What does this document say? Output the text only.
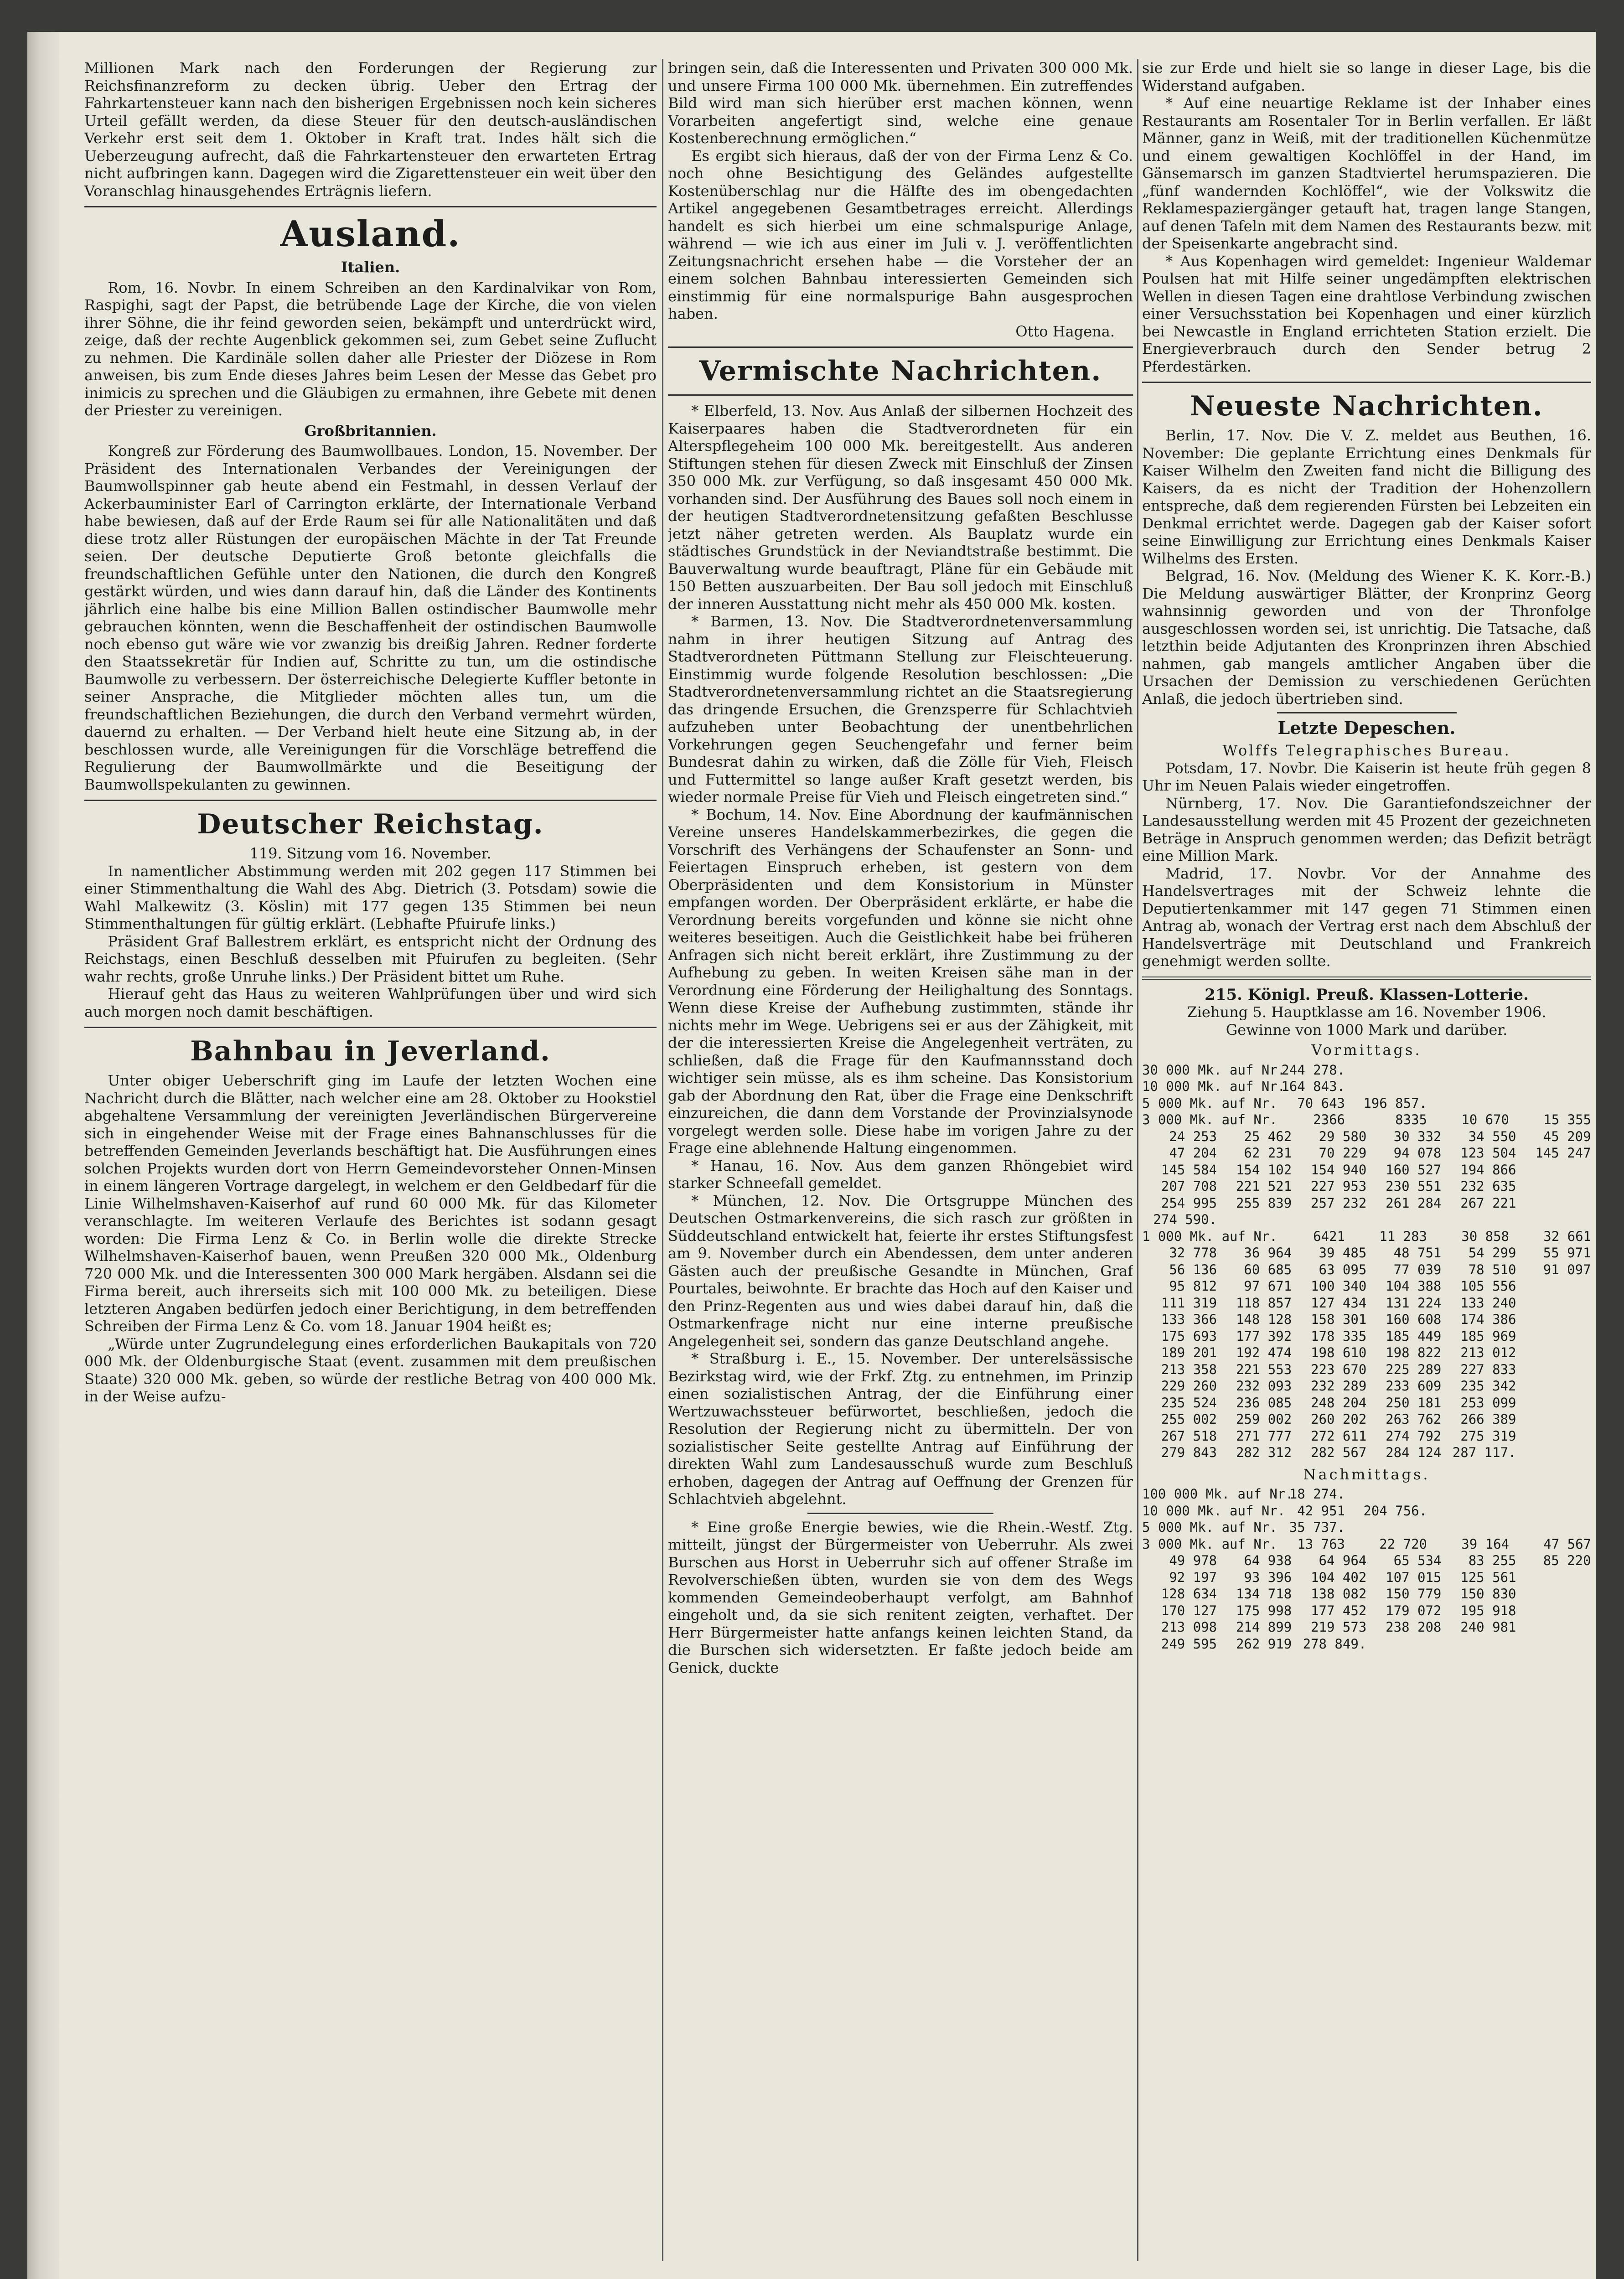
Millionen Mark nach den Forderungen der Regierung zur Reichsfinanzreform zu decken übrig. Ueber den Ertrag der Fahrkartensteuer kann nach den bisherigen Ergebnissen noch kein sicheres Urteil gefällt werden, da diese Steuer für den deutsch-ausländischen Verkehr erst seit dem 1. Oktober in Kraft trat. Indes hält sich die Ueberzeugung aufrecht, daß die Fahrkartensteuer den erwarteten Ertrag nicht aufbringen kann. Dagegen wird die Zigarettensteuer ein weit über den Voranschlag hinausgehendes Erträgnis liefern.

Ausland.
Italien.

Rom, 16. Novbr. In einem Schreiben an den Kardinalvikar von Rom, Raspighi, sagt der Papst, die betrübende Lage der Kirche, die von vielen ihrer Söhne, die ihr feind geworden seien, bekämpft und unterdrückt wird, zeige, daß der rechte Augenblick gekommen sei, zum Gebet seine Zuflucht zu nehmen. Die Kardinäle sollen daher alle Priester der Diözese in Rom anweisen, bis zum Ende dieses Jahres beim Lesen der Messe das Gebet pro inimicis zu sprechen und die Gläubigen zu ermahnen, ihre Gebete mit denen der Priester zu vereinigen.

Großbritannien.

Kongreß zur Förderung des Baumwollbaues. London, 15. November. Der Präsident des Internationalen Verbandes der Vereinigungen der Baumwollspinner gab heute abend ein Festmahl, in dessen Verlauf der Ackerbauminister Earl of Carrington erklärte, der Internationale Verband habe bewiesen, daß auf der Erde Raum sei für alle Nationalitäten und daß diese trotz aller Rüstungen der europäischen Mächte in der Tat Freunde seien. Der deutsche Deputierte Groß betonte gleichfalls die freundschaftlichen Gefühle unter den Nationen, die durch den Kongreß gestärkt würden, und wies dann darauf hin, daß die Länder des Kontinents jährlich eine halbe bis eine Million Ballen ostindischer Baumwolle mehr gebrauchen könnten, wenn die Beschaffenheit der ostindischen Baumwolle noch ebenso gut wäre wie vor zwanzig bis dreißig Jahren. Redner forderte den Staatssekretär für Indien auf, Schritte zu tun, um die ostindische Baumwolle zu verbessern. Der österreichische Delegierte Kuffler betonte in seiner Ansprache, die Mitglieder möchten alles tun, um die freundschaftlichen Beziehungen, die durch den Verband vermehrt würden, dauernd zu erhalten. — Der Verband hielt heute eine Sitzung ab, in der beschlossen wurde, alle Vereinigungen für die Vorschläge betreffend die Regulierung der Baumwollmärkte und die Beseitigung der Baumwollspekulanten zu gewinnen.

Deutscher Reichstag.
119. Sitzung vom 16. November.

In namentlicher Abstimmung werden mit 202 gegen 117 Stimmen bei einer Stimmenthaltung die Wahl des Abg. Dietrich (3. Potsdam) sowie die Wahl Malkewitz (3. Köslin) mit 177 gegen 135 Stimmen bei neun Stimmenthaltungen für gültig erklärt. (Lebhafte Pfuirufe links.)

Präsident Graf Ballestrem erklärt, es entspricht nicht der Ordnung des Reichstags, einen Beschluß desselben mit Pfuirufen zu begleiten. (Sehr wahr rechts, große Unruhe links.) Der Präsident bittet um Ruhe.

Hierauf geht das Haus zu weiteren Wahlprüfungen über und wird sich auch morgen noch damit beschäftigen.

Bahnbau in Jeverland.

Unter obiger Ueberschrift ging im Laufe der letzten Wochen eine Nachricht durch die Blätter, nach welcher eine am 28. Oktober zu Hookstiel abgehaltene Versammlung der vereinigten Jeverländischen Bürgervereine sich in eingehender Weise mit der Frage eines Bahnanschlusses für die betreffenden Gemeinden Jeverlands beschäftigt hat. Die Ausführungen eines solchen Projekts wurden dort von Herrn Gemeindevorsteher Onnen-Minsen in einem längeren Vortrage dargelegt, in welchem er den Geldbedarf für die Linie Wilhelmshaven-Kaiserhof auf rund 60 000 Mk. für das Kilometer veranschlagte. Im weiteren Verlaufe des Berichtes ist sodann gesagt worden: Die Firma Lenz & Co. in Berlin wolle die direkte Strecke Wilhelmshaven-Kaiserhof bauen, wenn Preußen 320 000 Mk., Oldenburg 720 000 Mk. und die Interessenten 300 000 Mark hergäben. Alsdann sei die Firma bereit, auch ihrerseits sich mit 100 000 Mk. zu beteiligen. Diese letzteren Angaben bedürfen jedoch einer Berichtigung, in dem betreffenden Schreiben der Firma Lenz & Co. vom 18. Januar 1904 heißt es;

„Würde unter Zugrundelegung eines erforderlichen Baukapitals von 720 000 Mk. der Oldenburgische Staat (event. zusammen mit dem preußischen Staate) 320 000 Mk. geben, so würde der restliche Betrag von 400 000 Mk. in der Weise aufzu-

bringen sein, daß die Interessenten und Privaten 300 000 Mk. und unsere Firma 100 000 Mk. übernehmen. Ein zutreffendes Bild wird man sich hierüber erst machen können, wenn Vorarbeiten angefertigt sind, welche eine genaue Kostenberechnung ermöglichen.“

Es ergibt sich hieraus, daß der von der Firma Lenz & Co. noch ohne Besichtigung des Geländes aufgestellte Kostenüberschlag nur die Hälfte des im obengedachten Artikel angegebenen Gesamtbetrages erreicht. Allerdings handelt es sich hierbei um eine schmalspurige Anlage, während — wie ich aus einer im Juli v. J. veröffentlichten Zeitungsnachricht ersehen habe — die Vorsteher der an einem solchen Bahnbau interessierten Gemeinden sich einstimmig für eine normalspurige Bahn ausgesprochen haben.

Otto Hagena.
Vermischte Nachrichten.

* Elberfeld, 13. Nov. Aus Anlaß der silbernen Hochzeit des Kaiserpaares haben die Stadtverordneten für ein Alterspflegeheim 100 000 Mk. bereitgestellt. Aus anderen Stiftungen stehen für diesen Zweck mit Einschluß der Zinsen 350 000 Mk. zur Verfügung, so daß insgesamt 450 000 Mk. vorhanden sind. Der Ausführung des Baues soll noch einem in der heutigen Stadtverordnetensitzung gefaßten Beschlusse jetzt näher getreten werden. Als Bauplatz wurde ein städtisches Grundstück in der Neviandtstraße bestimmt. Die Bauverwaltung wurde beauftragt, Pläne für ein Gebäude mit 150 Betten auszuarbeiten. Der Bau soll jedoch mit Einschluß der inneren Ausstattung nicht mehr als 450 000 Mk. kosten.

* Barmen, 13. Nov. Die Stadtverordnetenversammlung nahm in ihrer heutigen Sitzung auf Antrag des Stadtverordneten Püttmann Stellung zur Fleischteuerung. Einstimmig wurde folgende Resolution beschlossen: „Die Stadtverordnetenversammlung richtet an die Staatsregierung das dringende Ersuchen, die Grenzsperre für Schlachtvieh aufzuheben unter Beobachtung der unentbehrlichen Vorkehrungen gegen Seuchengefahr und ferner beim Bundesrat dahin zu wirken, daß die Zölle für Vieh, Fleisch und Futtermittel so lange außer Kraft gesetzt werden, bis wieder normale Preise für Vieh und Fleisch eingetreten sind.“

* Bochum, 14. Nov. Eine Abordnung der kaufmännischen Vereine unseres Handelskammerbezirkes, die gegen die Vorschrift des Verhängens der Schaufenster an Sonn- und Feiertagen Einspruch erheben, ist gestern von dem Oberpräsidenten und dem Konsistorium in Münster empfangen worden. Der Oberpräsident erklärte, er habe die Verordnung bereits vorgefunden und könne sie nicht ohne weiteres beseitigen. Auch die Geistlichkeit habe bei früheren Anfragen sich nicht bereit erklärt, ihre Zustimmung zu der Aufhebung zu geben. In weiten Kreisen sähe man in der Verordnung eine Förderung der Heilighaltung des Sonntags. Wenn diese Kreise der Aufhebung zustimmten, stände ihr nichts mehr im Wege. Uebrigens sei er aus der Zähigkeit, mit der die interessierten Kreise die Angelegenheit verträten, zu schließen, daß die Frage für den Kaufmannsstand doch wichtiger sein müsse, als es ihm scheine. Das Konsistorium gab der Abordnung den Rat, über die Frage eine Denkschrift einzureichen, die dann dem Vorstande der Provinzialsynode vorgelegt werden solle. Diese habe im vorigen Jahre zu der Frage eine ablehnende Haltung eingenommen.

* Hanau, 16. Nov. Aus dem ganzen Rhöngebiet wird starker Schneefall gemeldet.

* München, 12. Nov. Die Ortsgruppe München des Deutschen Ostmarkenvereins, die sich rasch zur größten in Süddeutschland entwickelt hat, feierte ihr erstes Stiftungsfest am 9. November durch ein Abendessen, dem unter anderen Gästen auch der preußische Gesandte in München, Graf Pourtales, beiwohnte. Er brachte das Hoch auf den Kaiser und den Prinz-Regenten aus und wies dabei darauf hin, daß die Ostmarkenfrage nicht nur eine interne preußische Angelegenheit sei, sondern das ganze Deutschland angehe.

* Straßburg i. E., 15. November. Der unterelsässische Bezirkstag wird, wie der Frkf. Ztg. zu entnehmen, im Prinzip einen sozialistischen Antrag, der die Einführung einer Wertzuwachssteuer befürwortet, beschließen, jedoch die Resolution der Regierung nicht zu übermitteln. Der von sozialistischer Seite gestellte Antrag auf Einführung der direkten Wahl zum Landesausschuß wurde zum Beschluß erhoben, dagegen der Antrag auf Oeffnung der Grenzen für Schlachtvieh abgelehnt.

* Eine große Energie bewies, wie die Rhein.-Westf. Ztg. mitteilt, jüngst der Bürgermeister von Ueberruhr. Als zwei Burschen aus Horst in Ueberruhr sich auf offener Straße im Revolverschießen übten, wurden sie von dem des Wegs kommenden Gemeindeoberhaupt verfolgt, am Bahnhof eingeholt und, da sie sich renitent zeigten, verhaftet. Der Herr Bürgermeister hatte anfangs keinen leichten Stand, da die Burschen sich widersetzten. Er faßte jedoch beide am Genick, duckte

sie zur Erde und hielt sie so lange in dieser Lage, bis die Widerstand aufgaben.

* Auf eine neuartige Reklame ist der Inhaber eines Restaurants am Rosentaler Tor in Berlin verfallen. Er läßt Männer, ganz in Weiß, mit der traditionellen Küchenmütze und einem gewaltigen Kochlöffel in der Hand, im Gänsemarsch im ganzen Stadtviertel herumspazieren. Die „fünf wandernden Kochlöffel“, wie der Volkswitz die Reklamespaziergänger getauft hat, tragen lange Stangen, auf denen Tafeln mit dem Namen des Restaurants bezw. mit der Speisenkarte angebracht sind.

* Aus Kopenhagen wird gemeldet: Ingenieur Waldemar Poulsen hat mit Hilfe seiner ungedämpften elektrischen Wellen in diesen Tagen eine drahtlose Verbindung zwischen einer Versuchsstation bei Kopenhagen und einer kürzlich bei Newcastle in England errichteten Station erzielt. Die Energieverbrauch durch den Sender betrug 2 Pferdestärken.

Neueste Nachrichten.

Berlin, 17. Nov. Die V. Z. meldet aus Beuthen, 16. November: Die geplante Errichtung eines Denkmals für Kaiser Wilhelm den Zweiten fand nicht die Billigung des Kaisers, da es nicht der Tradition der Hohenzollern entspreche, daß dem regierenden Fürsten bei Lebzeiten ein Denkmal errichtet werde. Dagegen gab der Kaiser sofort seine Einwilligung zur Errichtung eines Denkmals Kaiser Wilhelms des Ersten.

Belgrad, 16. Nov. (Meldung des Wiener K. K. Korr.-B.) Die Meldung auswärtiger Blätter, der Kronprinz Georg wahnsinnig geworden und von der Thronfolge ausgeschlossen worden sei, ist unrichtig. Die Tatsache, daß letzthin beide Adjutanten des Kronprinzen ihren Abschied nahmen, gab mangels amtlicher Angaben über die Ursachen der Demission zu verschiedenen Gerüchten Anlaß, die jedoch übertrieben sind.

Letzte Depeschen.
Wolffs Telegraphisches Bureau.

Potsdam, 17. Novbr. Die Kaiserin ist heute früh gegen 8 Uhr im Neuen Palais wieder eingetroffen.

Nürnberg, 17. Nov. Die Garantiefondszeichner der Landesausstellung werden mit 45 Prozent der gezeichneten Beträge in Anspruch genommen werden; das Defizit beträgt eine Million Mark.

Madrid, 17. Novbr. Vor der Annahme des Handelsvertrages mit der Schweiz lehnte die Deputiertenkammer mit 147 gegen 71 Stimmen einen Antrag ab, wonach der Vertrag erst nach dem Abschluß der Handelsverträge mit Deutschland und Frankreich genehmigt werden sollte.

215. Königl. Preuß. Klassen-Lotterie.
Ziehung 5. Hauptklasse am 16. November 1906.
Gewinne von 1000 Mark und darüber.
Vormittags.
30 000 Mk. auf Nr.
244 278.
10 000 Mk. auf Nr.
164 843.
5 000 Mk. auf Nr.	70 643	196 857.
3 000 Mk. auf Nr.	2366	8335	10 670	15 355
24 253	25 462	29 580	30 332	34 550	45 209
47 204	62 231	70 229	94 078	123 504	145 247
145 584	154 102	154 940	160 527	194 866
207 708	221 521	227 953	230 551	232 635
254 995	255 839	257 232	261 284	267 221
274 590.
1 000 Mk. auf Nr.	6421	11 283	30 858	32 661
32 778	36 964	39 485	48 751	54 299	55 971
56 136	60 685	63 095	77 039	78 510	91 097
95 812	97 671	100 340	104 388	105 556
111 319	118 857	127 434	131 224	133 240
133 366	148 128	158 301	160 608	174 386
175 693	177 392	178 335	185 449	185 969
189 201	192 474	198 610	198 822	213 012
213 358	221 553	223 670	225 289	227 833
229 260	232 093	232 289	233 609	235 342
235 524	236 085	248 204	250 181	253 099
255 002	259 002	260 202	263 762	266 389
267 518	271 777	272 611	274 792	275 319
279 843	282 312	282 567	284 124 287 117.
Nachmittags.
100 000 Mk. auf Nr.
18 274.
10 000 Mk. auf Nr. 42 951	204 756.
5 000 Mk. auf Nr. 35 737.
3 000 Mk. auf Nr.	13 763	22 720	39 164	47 567
49 978	64 938	64 964	65 534	83 255	85 220
92 197	93 396	104 402	107 015	125 561
128 634	134 718	138 082	150 779	150 830
170 127	175 998	177 452	179 072	195 918
213 098	214 899	219 573	238 208	240 981
249 595	262 919 278 849.
